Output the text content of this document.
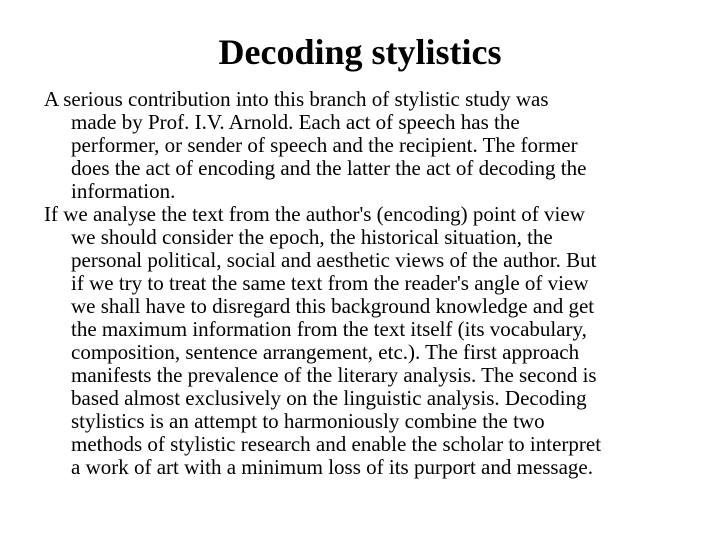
Decoding stylistics

A serious contribution into this branch of stylistic study was
made by Prof. I.V. Arnold. Each act of speech has the
performer, or sender of speech and the recipient. The former
does the act of encoding and the latter the act of decoding the
information.

If we analyse the text from the author's (encoding) point of view
we should consider the epoch, the historical situation, the
personal political, social and aesthetic views of the author. But
if we try to treat the same text from the reader's angle of view
we shall have to disregard this background knowledge and get
the maximum information from the text itself (its vocabulary,
composition, sentence arrangement, etc.). The first approach
manifests the prevalence of the literary analysis. The second is
based almost exclusively on the linguistic analysis. Decoding
stylistics is an attempt to harmoniously combine the two
methods of stylistic research and enable the scholar to interpret
a work of art with a minimum loss of its purport and message.
